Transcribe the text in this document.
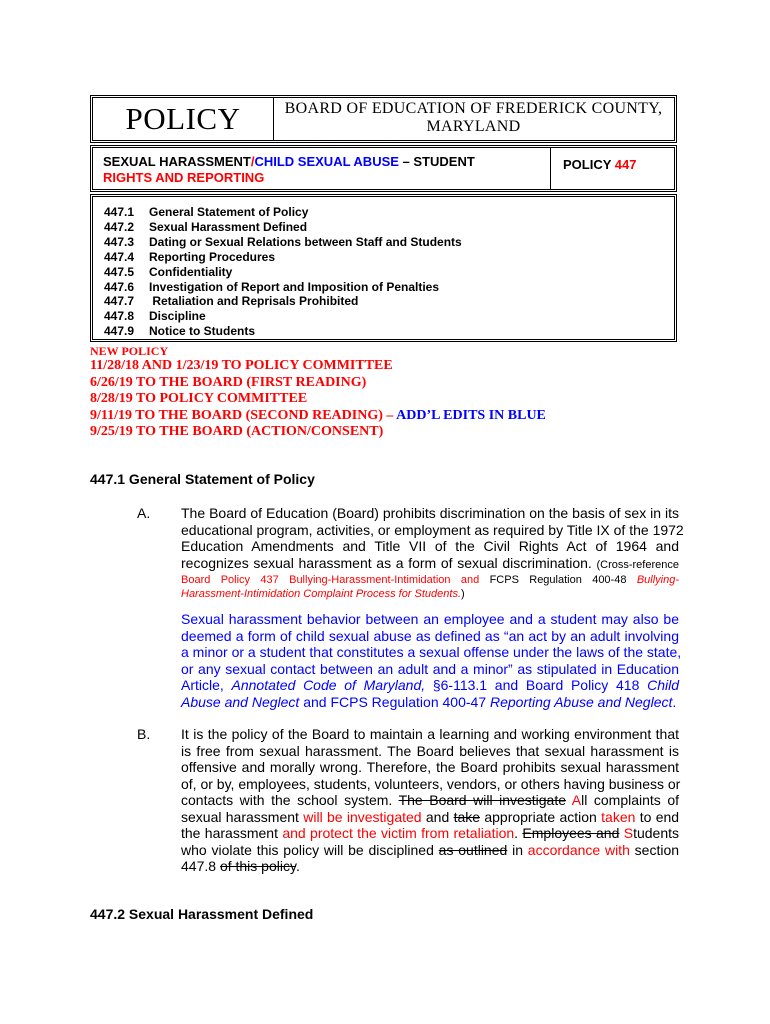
POLICY	BOARD OF EDUCATION OF FREDERICK COUNTY,
MARYLAND
SEXUAL HARASSMENT/CHILD SEXUAL ABUSE – STUDENT
RIGHTS AND REPORTING
POLICY 447
447.1 General Statement of Policy
447.2 Sexual Harassment Defined
447.3 Dating or Sexual Relations between Staff and Students
447.4 Reporting Procedures
447.5 Confidentiality
447.6 Investigation of Report and Imposition of Penalties
447.7 Retaliation and Reprisals Prohibited
447.8 Discipline
447.9 Notice to Students
NEW POLICY
11/28/18 AND 1/23/19 TO POLICY COMMITTEE
6/26/19 TO THE BOARD (FIRST READING)
8/28/19 TO POLICY COMMITTEE
9/11/19 TO THE BOARD (SECOND READING) – ADD’L EDITS IN BLUE
9/25/19 TO THE BOARD (ACTION/CONSENT)
447.1 General Statement of Policy
A. The Board of Education (Board) prohibits discrimination on the basis of sex in its
educational program, activities, or employment as required by Title IX of the 1972
Education Amendments and Title VII of the Civil Rights Act of 1964 and
recognizes sexual harassment as a form of sexual discrimination. (Cross-reference
Board Policy 437 Bullying-Harassment-Intimidation and FCPS Regulation 400-48 Bullying-
Harassment-Intimidation Complaint Process for Students.)
Sexual harassment behavior between an employee and a student may also be
deemed a form of child sexual abuse as defined as “an act by an adult involving
a minor or a student that constitutes a sexual offense under the laws of the state,
or any sexual contact between an adult and a minor” as stipulated in Education
Article, Annotated Code of Maryland, §6-113.1 and Board Policy 418 Child
Abuse and Neglect and FCPS Regulation 400-47 Reporting Abuse and Neglect.
B. It is the policy of the Board to maintain a learning and working environment that
is free from sexual harassment. The Board believes that sexual harassment is
offensive and morally wrong. Therefore, the Board prohibits sexual harassment
of, or by, employees, students, volunteers, vendors, or others having business or
contacts with the school system. The Board will investigate All complaints of
sexual harassment will be investigated and take appropriate action taken to end
the harassment and protect the victim from retaliation. Employees and Students
who violate this policy will be disciplined as outlined in accordance with section
447.8 of this policy.
447.2 Sexual Harassment Defined
